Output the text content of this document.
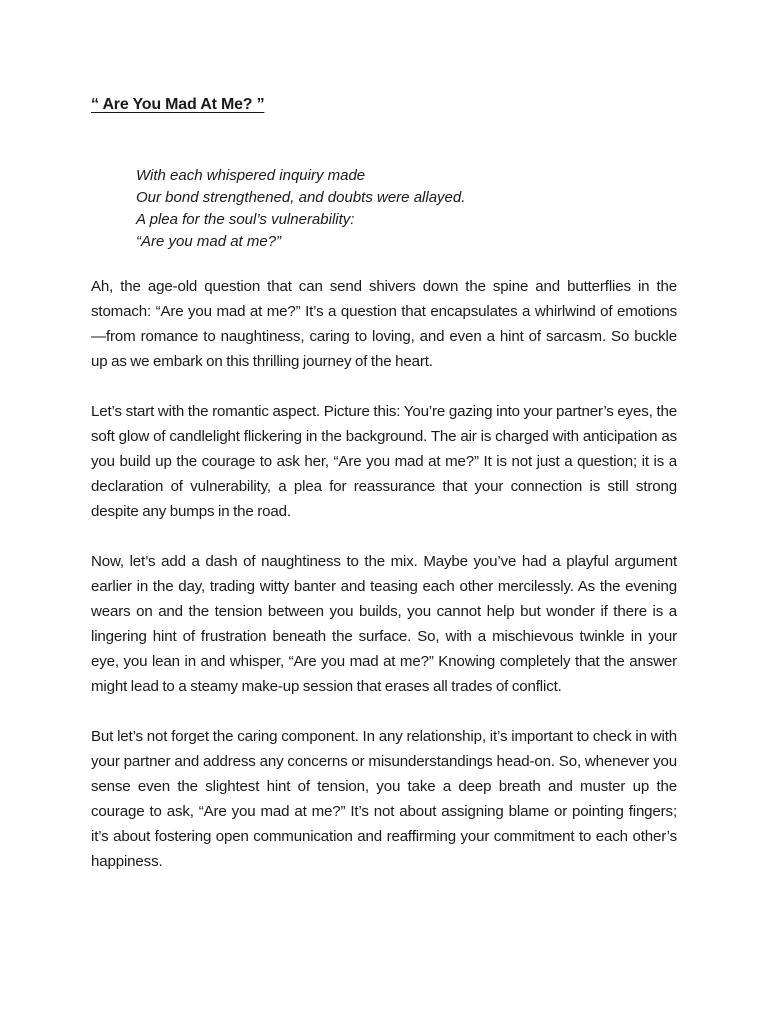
“ Are You Mad At Me? ”
With each whispered inquiry made
Our bond strengthened, and doubts were allayed.
A plea for the soul’s vulnerability:
“Are you mad at me?”

Ah, the age-old question that can send shivers down the spine and butterflies in the stomach: “Are you mad at me?” It’s a question that encapsulates a whirlwind of emotions—from romance to naughtiness, caring to loving, and even a hint of sarcasm. So buckle up as we embark on this thrilling journey of the heart.

Let’s start with the romantic aspect. Picture this: You’re gazing into your partner’s eyes, the soft glow of candlelight flickering in the background. The air is charged with anticipation as you build up the courage to ask her, “Are you mad at me?” It is not just a question; it is a declaration of vulnerability, a plea for reassurance that your connection is still strong despite any bumps in the road.

Now, let’s add a dash of naughtiness to the mix. Maybe you’ve had a playful argument earlier in the day, trading witty banter and teasing each other mercilessly. As the evening wears on and the tension between you builds, you cannot help but wonder if there is a lingering hint of frustration beneath the surface. So, with a mischievous twinkle in your eye, you lean in and whisper, “Are you mad at me?” Knowing completely that the answer might lead to a steamy make-up session that erases all trades of conflict.

But let’s not forget the caring component. In any relationship, it’s important to check in with your partner and address any concerns or misunderstandings head-on. So, whenever you sense even the slightest hint of tension, you take a deep breath and muster up the courage to ask, “Are you mad at me?” It’s not about assigning blame or pointing fingers; it’s about fostering open communication and reaffirming your commitment to each other’s happiness.
